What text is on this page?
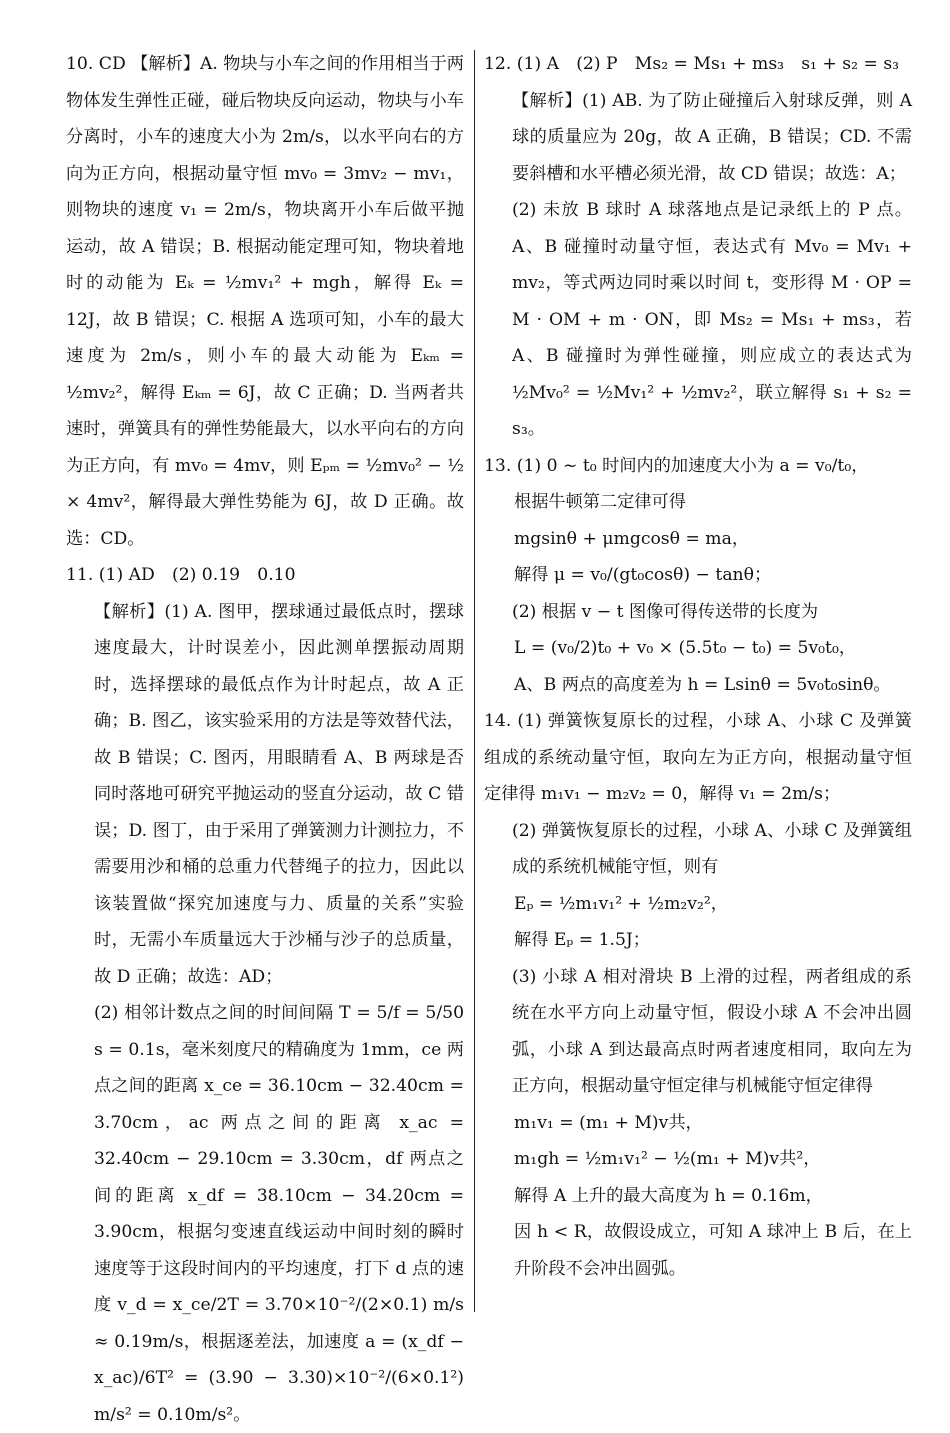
10. CD 【解析】A. 物块与小车之间的作用相当于两物体发生弹性正碰，碰后物块反向运动，物块与小车分离时，小车的速度大小为 2m/s，以水平向右的方向为正方向，根据动量守恒 mv₀ = 3mv₂ − mv₁，则物块的速度 v₁ = 2m/s，物块离开小车后做平抛运动，故 A 错误；B. 根据动能定理可知，物块着地时的动能为 Eₖ = ½mv₁² + mgh，解得 Eₖ = 12J，故 B 错误；C. 根据 A 选项可知，小车的最大速度为 2m/s，则小车的最大动能为 Eₖₘ = ½mv₂²，解得 Eₖₘ = 6J，故 C 正确；D. 当两者共速时，弹簧具有的弹性势能最大，以水平向右的方向为正方向，有 mv₀ = 4mv，则 Eₚₘ = ½mv₀² − ½ × 4mv²，解得最大弹性势能为 6J，故 D 正确。故选：CD。

11. (1) AD　(2) 0.19　0.10

【解析】(1) A. 图甲，摆球通过最低点时，摆球速度最大，计时误差小，因此测单摆振动周期时，选择摆球的最低点作为计时起点，故 A 正确；B. 图乙，该实验采用的方法是等效替代法，故 B 错误；C. 图丙，用眼睛看 A、B 两球是否同时落地可研究平抛运动的竖直分运动，故 C 错误；D. 图丁，由于采用了弹簧测力计测拉力，不需要用沙和桶的总重力代替绳子的拉力，因此以该装置做“探究加速度与力、质量的关系”实验时，无需小车质量远大于沙桶与沙子的总质量，故 D 正确；故选：AD；

(2) 相邻计数点之间的时间间隔 T = 5/f = 5/50 s = 0.1s，毫米刻度尺的精确度为 1mm，ce 两点之间的距离 x_ce = 36.10cm − 32.40cm = 3.70cm，ac 两点之间的距离 x_ac = 32.40cm − 29.10cm = 3.30cm，df 两点之间的距离 x_df = 38.10cm − 34.20cm = 3.90cm，根据匀变速直线运动中间时刻的瞬时速度等于这段时间内的平均速度，打下 d 点的速度 v_d = x_ce/2T = 3.70×10⁻²/(2×0.1) m/s ≈ 0.19m/s，根据逐差法，加速度 a = (x_df − x_ac)/6T² = (3.90 − 3.30)×10⁻²/(6×0.1²) m/s² = 0.10m/s²。

12. (1) A　(2) P　Ms₂ = Ms₁ + ms₃　s₁ + s₂ = s₃

【解析】(1) AB. 为了防止碰撞后入射球反弹，则 A 球的质量应为 20g，故 A 正确，B 错误；CD. 不需要斜槽和水平槽必须光滑，故 CD 错误；故选：A；

(2) 未放 B 球时 A 球落地点是记录纸上的 P 点。A、B 碰撞时动量守恒，表达式有 Mv₀ = Mv₁ + mv₂，等式两边同时乘以时间 t，变形得 M · OP = M · OM + m · ON，即 Ms₂ = Ms₁ + ms₃，若 A、B 碰撞时为弹性碰撞，则应成立的表达式为 ½Mv₀² = ½Mv₁² + ½mv₂²，联立解得 s₁ + s₂ = s₃。

13. (1) 0 ~ t₀ 时间内的加速度大小为 a = v₀/t₀，

根据牛顿第二定律可得

mgsinθ + μmgcosθ = ma，

解得 μ = v₀/(gt₀cosθ) − tanθ；

(2) 根据 v − t 图像可得传送带的长度为

L = (v₀/2)t₀ + v₀ × (5.5t₀ − t₀) = 5v₀t₀，

A、B 两点的高度差为 h = Lsinθ = 5v₀t₀sinθ。

14. (1) 弹簧恢复原长的过程，小球 A、小球 C 及弹簧组成的系统动量守恒，取向左为正方向，根据动量守恒定律得 m₁v₁ − m₂v₂ = 0，解得 v₁ = 2m/s；

(2) 弹簧恢复原长的过程，小球 A、小球 C 及弹簧组成的系统机械能守恒，则有

Eₚ = ½m₁v₁² + ½m₂v₂²，

解得 Eₚ = 1.5J；

(3) 小球 A 相对滑块 B 上滑的过程，两者组成的系统在水平方向上动量守恒，假设小球 A 不会冲出圆弧，小球 A 到达最高点时两者速度相同，取向左为正方向，根据动量守恒定律与机械能守恒定律得

m₁v₁ = (m₁ + M)v共，

m₁gh = ½m₁v₁² − ½(m₁ + M)v共²，

解得 A 上升的最大高度为 h = 0.16m，

因 h < R，故假设成立，可知 A 球冲上 B 后，在上升阶段不会冲出圆弧。
